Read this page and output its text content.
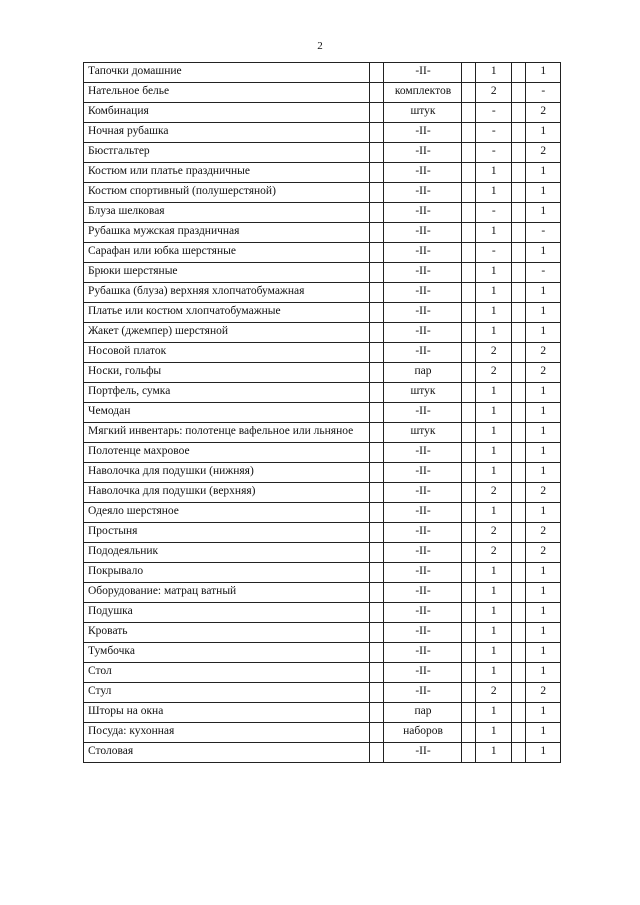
2
Тапочки домашние		-II-		1		1
Нательное белье		комплектов		2		-
Комбинация		штук		-		2
Ночная рубашка		-II-		-		1
Бюстгальтер		-II-		-		2
Костюм или платье праздничные		-II-		1		1
Костюм спортивный (полушерстяной)		-II-		1		1
Блуза шелковая		-II-		-		1
Рубашка мужская праздничная		-II-		1		-
Сарафан или юбка шерстяные		-II-		-		1
Брюки шерстяные		-II-		1		-
Рубашка (блуза) верхняя хлопчатобумажная		-II-		1		1
Платье или костюм хлопчатобумажные		-II-		1		1
Жакет (джемпер) шерстяной		-II-		1		1
Носовой платок		-II-		2		2
Носки, гольфы		пар		2		2
Портфель, сумка		штук		1		1
Чемодан		-II-		1		1
Мягкий инвентарь: полотенце вафельное или льняное		штук		1		1
Полотенце махровое		-II-		1		1
Наволочка для подушки (нижняя)		-II-		1		1
Наволочка для подушки (верхняя)		-II-		2		2
Одеяло шерстяное		-II-		1		1
Простыня		-II-		2		2
Пододеяльник		-II-		2		2
Покрывало		-II-		1		1
Оборудование: матрац ватный		-II-		1		1
Подушка		-II-		1		1
Кровать		-II-		1		1
Тумбочка		-II-		1		1
Стол		-II-		1		1
Стул		-II-		2		2
Шторы на окна		пар		1		1
Посуда: кухонная		наборов		1		1
Столовая		-II-		1		1
